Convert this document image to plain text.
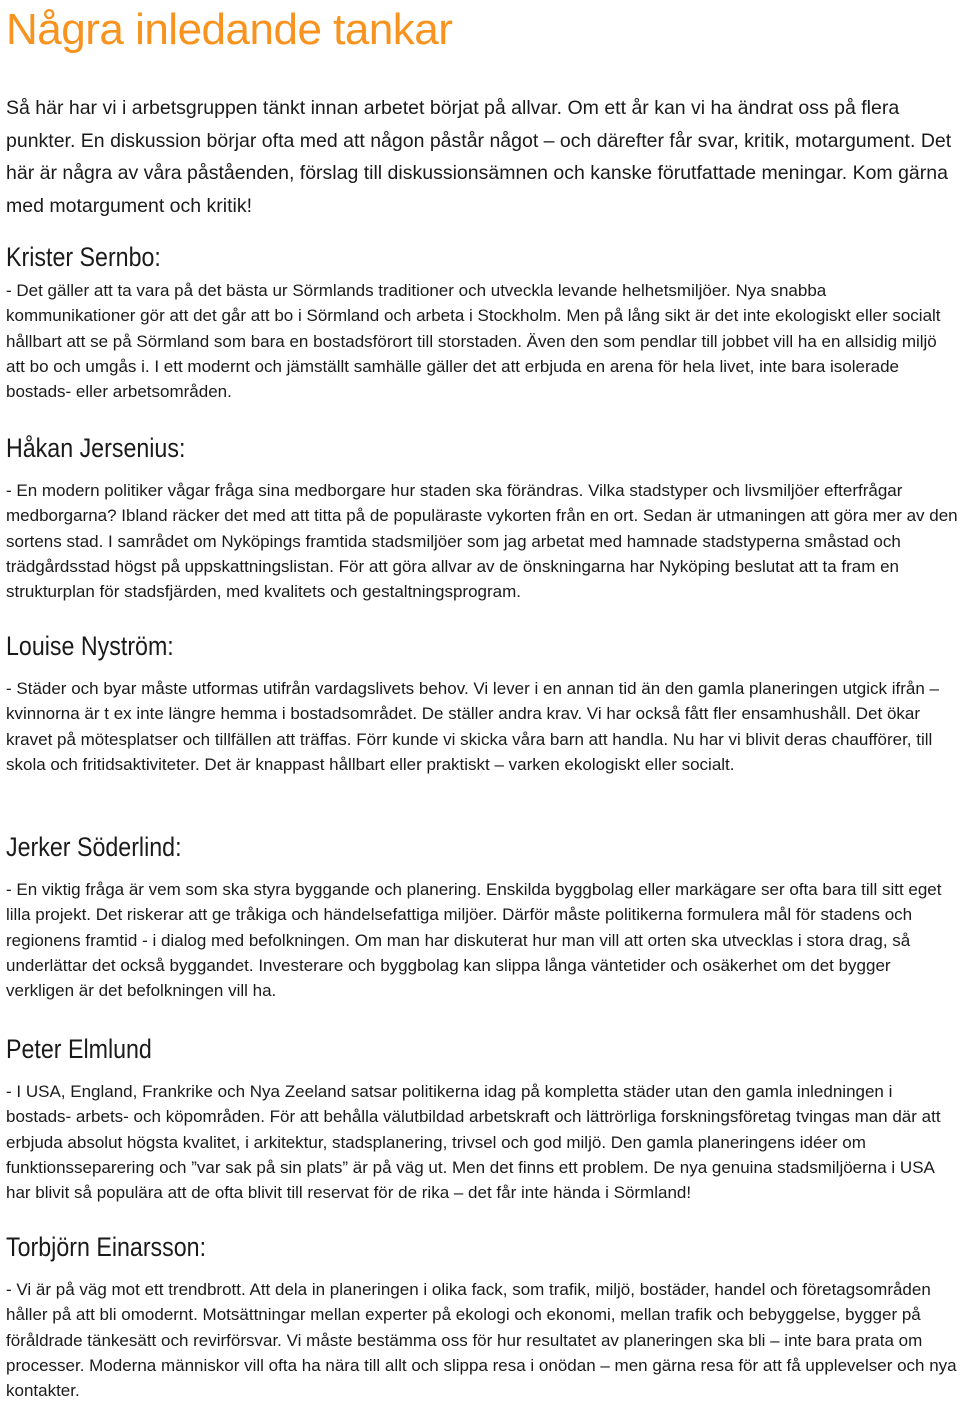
Några inledande tankar

Så här har vi i arbetsgruppen tänkt innan arbetet börjat på allvar. Om ett år kan vi ha ändrat oss på flera punkter. En diskussion börjar ofta med att någon påstår något – och därefter får svar, kritik, motargument. Det här är några av våra påståenden, förslag till diskussionsämnen och kanske förutfattade meningar. Kom gärna med motargument och kritik!

Krister Sernbo:

- Det gäller att ta vara på det bästa ur Sörmlands traditioner och utveckla levande helhetsmiljöer. Nya snabba kommunikationer gör att det går att bo i Sörmland och arbeta i Stockholm. Men på lång sikt är det inte ekologiskt eller socialt hållbart att se på Sörmland som bara en bostadsförort till storstaden. Även den som pendlar till jobbet vill ha en allsidig miljö att bo och umgås i. I ett modernt och jämställt samhälle gäller det att erbjuda en arena för hela livet, inte bara isolerade bostads- eller arbetsområden.

Håkan Jersenius:

- En modern politiker vågar fråga sina medborgare hur staden ska förändras. Vilka stadstyper och livsmiljöer efterfrågar medborgarna? Ibland räcker det med att titta på de populäraste vykorten från en ort. Sedan är utmaningen att göra mer av den sortens stad. I samrådet om Nyköpings framtida stadsmiljöer som jag arbetat med hamnade stadstyperna småstad och trädgårdsstad högst på uppskattningslistan. För att göra allvar av de önskningarna har Nyköping beslutat att ta fram en strukturplan för stadsfjärden, med kvalitets och gestaltningsprogram.

Louise Nyström:

- Städer och byar måste utformas utifrån vardagslivets behov. Vi lever i en annan tid än den gamla planeringen utgick ifrån – kvinnorna är t ex inte längre hemma i bostadsområdet. De ställer andra krav. Vi har också fått fler ensamhushåll. Det ökar kravet på mötesplatser och tillfällen att träffas. Förr kunde vi skicka våra barn att handla. Nu har vi blivit deras chaufförer, till skola och fritidsaktiviteter. Det är knappast hållbart eller praktiskt – varken ekologiskt eller socialt.

Jerker Söderlind:

- En viktig fråga är vem som ska styra byggande och planering. Enskilda byggbolag eller markägare ser ofta bara till sitt eget lilla projekt. Det riskerar att ge tråkiga och händelsefattiga miljöer. Därför måste politikerna formulera mål för stadens och regionens framtid - i dialog med befolkningen. Om man har diskuterat hur man vill att orten ska utvecklas i stora drag, så underlättar det också byggandet. Investerare och byggbolag kan slippa långa väntetider och osäkerhet om det bygger verkligen är det befolkningen vill ha.

Peter Elmlund

- I USA, England, Frankrike och Nya Zeeland satsar politikerna idag på kompletta städer utan den gamla inledningen i bostads- arbets- och köpområden. För att behålla välutbildad arbetskraft och lättrörliga forskningsföretag tvingas man där att erbjuda absolut högsta kvalitet, i arkitektur, stadsplanering, trivsel och god miljö. Den gamla planeringens idéer om funktionsseparering och ”var sak på sin plats” är på väg ut. Men det finns ett problem. De nya genuina stadsmiljöerna i USA har blivit så populära att de ofta blivit till reservat för de rika – det får inte hända i Sörmland!

Torbjörn Einarsson:

- Vi är på väg mot ett trendbrott. Att dela in planeringen i olika fack, som trafik, miljö, bostäder, handel och företagsområden håller på att bli omodernt. Motsättningar mellan experter på ekologi och ekonomi, mellan trafik och bebyggelse, bygger på föråldrade tänkesätt och revirförsvar. Vi måste bestämma oss för hur resultatet av planeringen ska bli – inte bara prata om processer. Moderna människor vill ofta ha nära till allt och slippa resa i onödan – men gärna resa för att få upplevelser och nya kontakter.
